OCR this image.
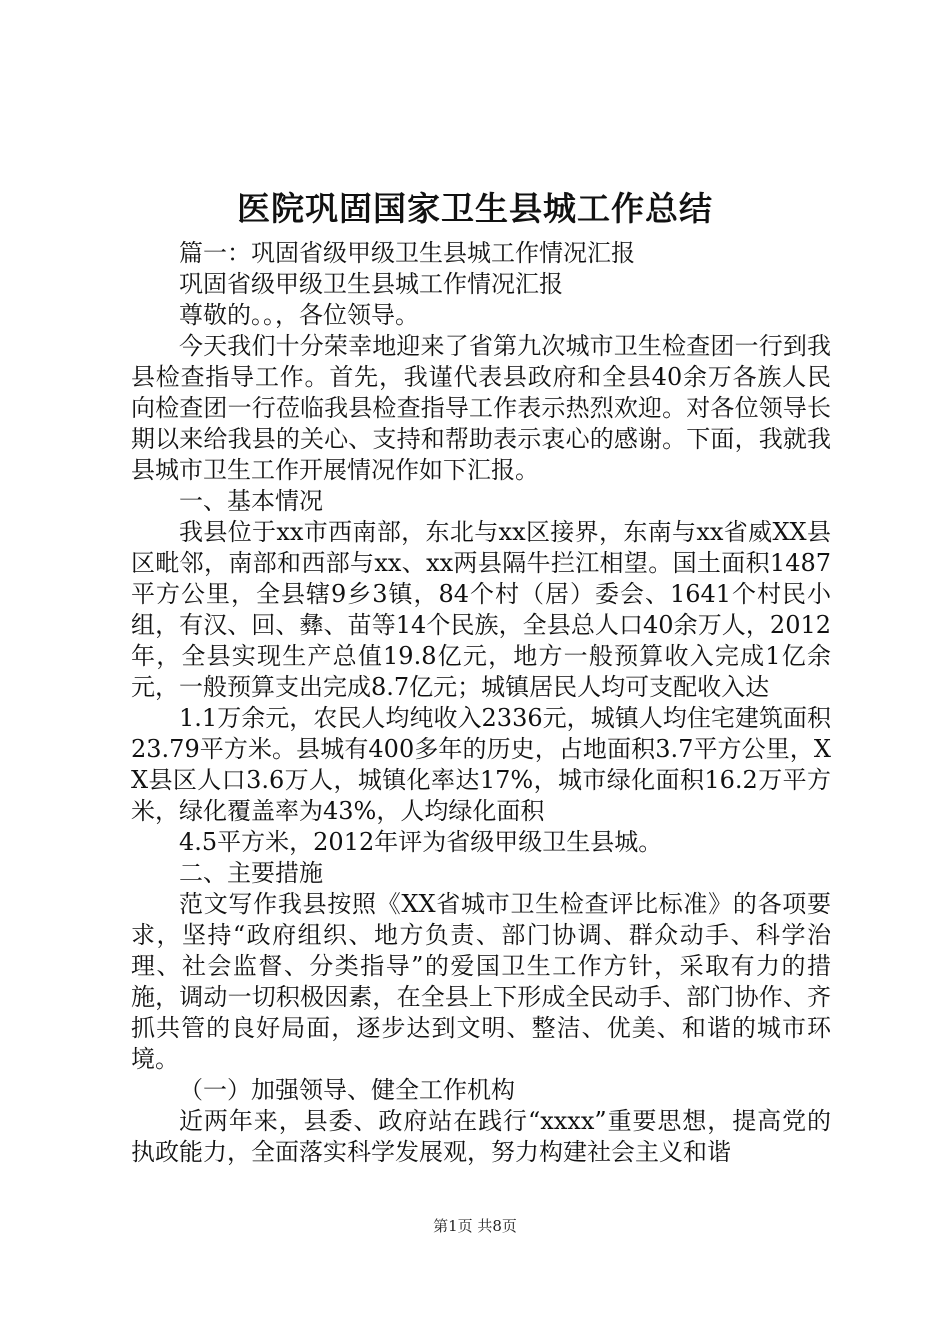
医院巩固国家卫生县城工作总结

篇一：巩固省级甲级卫生县城工作情况汇报

巩固省级甲级卫生县城工作情况汇报

尊敬的。。，各位领导。

今天我们十分荣幸地迎来了省第九次城市卫生检查团一行到我县检查指导工作。首先，我谨代表县政府和全县40余万各族人民向检查团一行莅临我县检查指导工作表示热烈欢迎。对各位领导长期以来给我县的关心、支持和帮助表示衷心的感谢。下面，我就我县城市卫生工作开展情况作如下汇报。

一、基本情况

我县位于xx市西南部，东北与xx区接界，东南与xx省威XX县区毗邻，南部和西部与xx、xx两县隔牛拦江相望。国土面积1487平方公里，全县辖9乡3镇，84个村（居）委会、1641个村民小组，有汉、回、彝、苗等14个民族，全县总人口40余万人，2012年，全县实现生产总值19.8亿元，地方一般预算收入完成1亿余元，一般预算支出完成8.7亿元；城镇居民人均可支配收入达

1.1万余元，农民人均纯收入2336元，城镇人均住宅建筑面积23.79平方米。县城有400多年的历史，占地面积3.7平方公里，XX县区人口3.6万人，城镇化率达17%，城市绿化面积16.2万平方米，绿化覆盖率为43%，人均绿化面积

4.5平方米，2012年评为省级甲级卫生县城。

二、主要措施

范文写作我县按照《XX省城市卫生检查评比标准》的各项要求，坚持“政府组织、地方负责、部门协调、群众动手、科学治理、社会监督、分类指导”的爱国卫生工作方针，采取有力的措施，调动一切积极因素，在全县上下形成全民动手、部门协作、齐抓共管的良好局面，逐步达到文明、整洁、优美、和谐的城市环境。

（一）加强领导、健全工作机构

近两年来，县委、政府站在践行“xxxx”重要思想，提高党的执政能力，全面落实科学发展观，努力构建社会主义和谐

第1页 共8页
